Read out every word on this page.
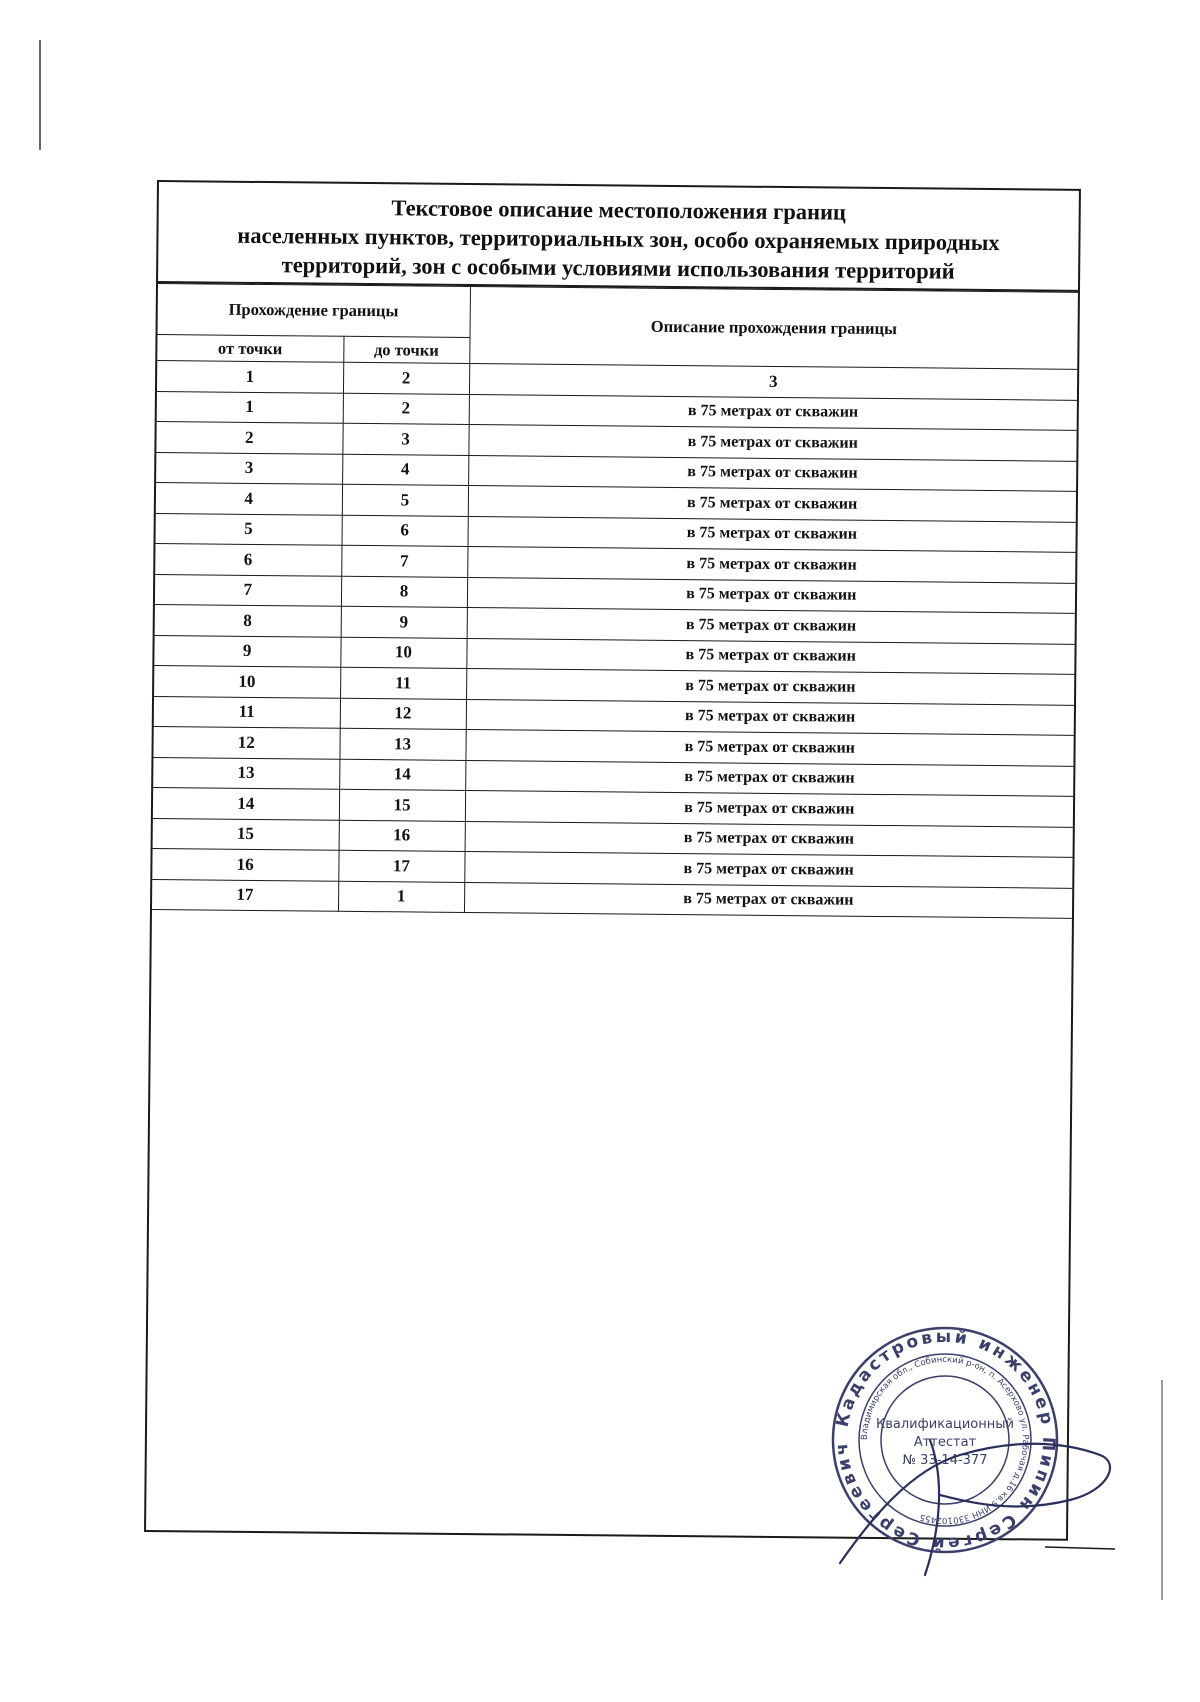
Текстовое описание местоположения границ
населенных пунктов, территориальных зон, особо охраняемых природных
территорий, зон с особыми условиями использования территорий
Прохождение границы		Описание прохождения границы
от точки	до точки	
1	2	3
1	2	в 75 метрах от скважин
2	3	в 75 метрах от скважин
3	4	в 75 метрах от скважин
4	5	в 75 метрах от скважин
5	6	в 75 метрах от скважин
6	7	в 75 метрах от скважин
7	8	в 75 метрах от скважин
8	9	в 75 метрах от скважин
9	10	в 75 метрах от скважин
10	11	в 75 метрах от скважин
11	12	в 75 метрах от скважин
12	13	в 75 метрах от скважин
13	14	в 75 метрах от скважин
14	15	в 75 метрах от скважин
15	16	в 75 метрах от скважин
16	17	в 75 метрах от скважин
17	1	в 75 метрах от скважин
Кадастровый инженер Пипин Сергей Сергеевич
Владимирская обл., Собинский р-он, п. Асерхово ул. Рабочая д.16 кв.9 ИНН 330102455
Квалификационный
Аттестат
№ 33-14-377
